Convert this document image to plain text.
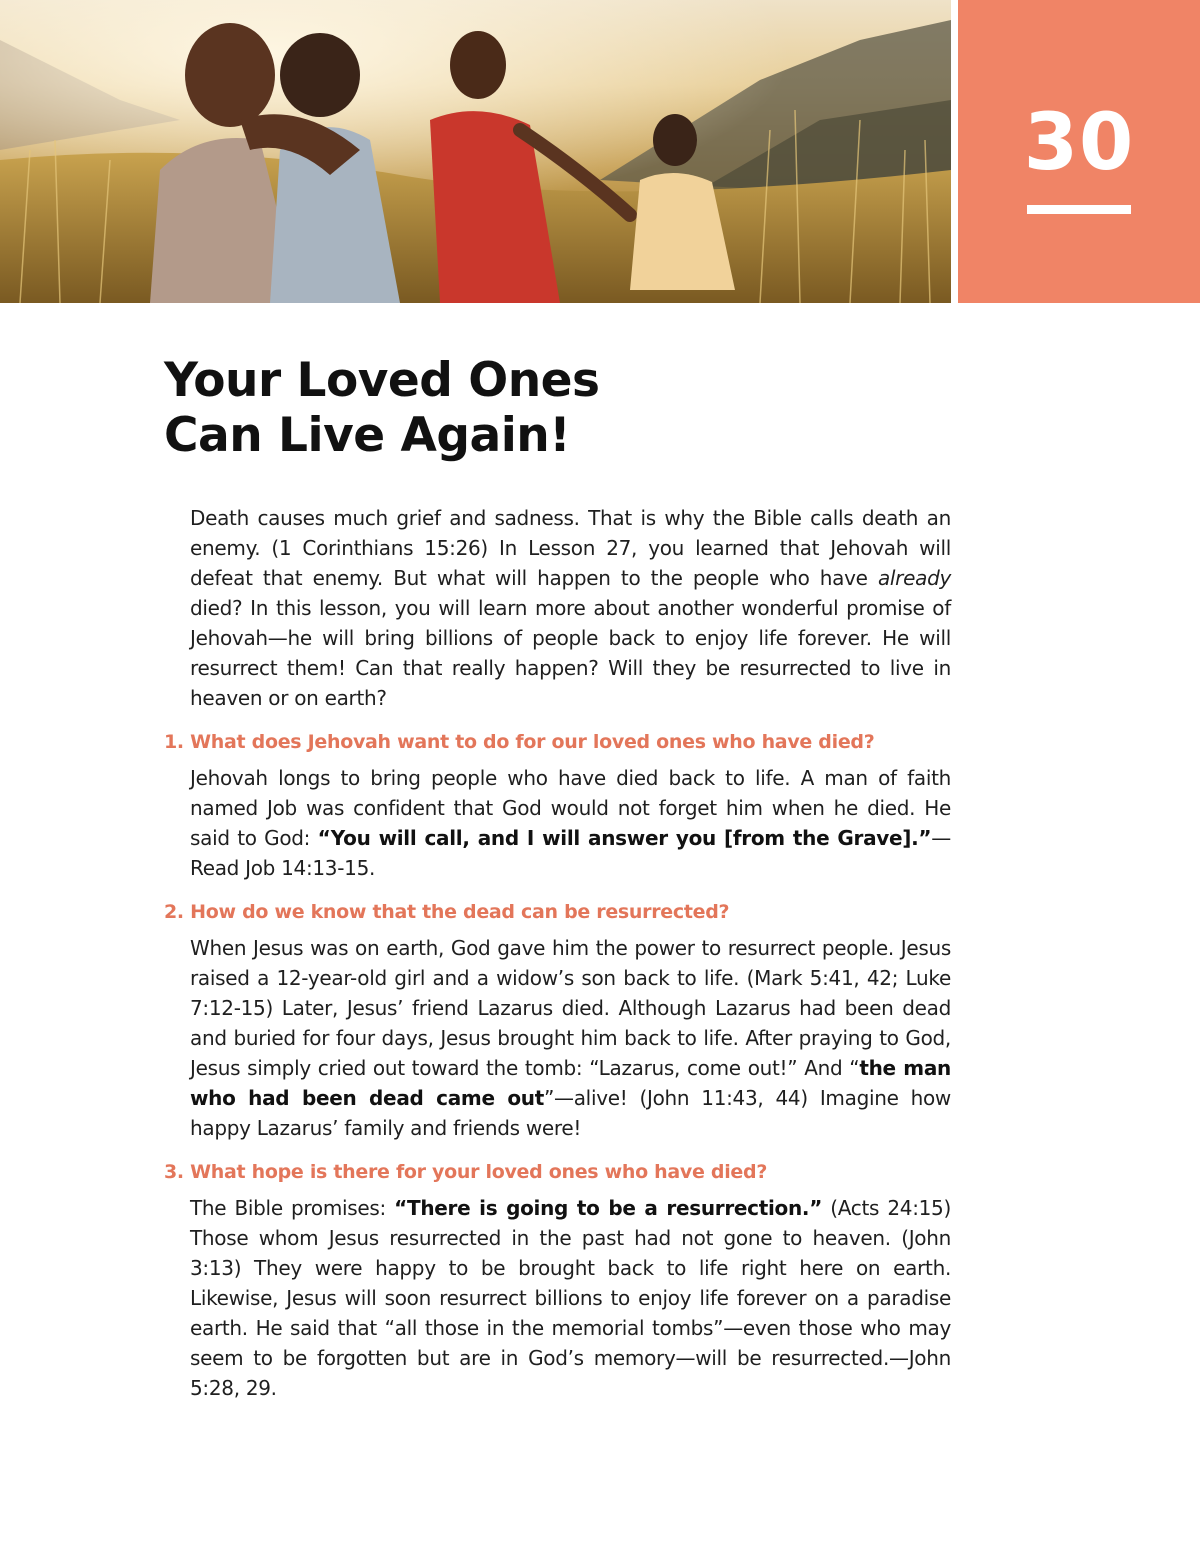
30
Your Loved Ones
Can Live Again!

Death causes much grief and sadness. That is why the Bible calls death an enemy. (1 Corinthians 15:26) In Lesson 27, you learned that Jehovah will defeat that enemy. But what will happen to the people who have already died? In this lesson, you will learn more about another wonderful promise of Jehovah—he will bring billions of people back to enjoy life forever. He will resurrect them! Can that really happen? Will they be resurrected to live in heaven or on earth?

1. What does Jehovah want to do for our loved ones who have died?

Jehovah longs to bring people who have died back to life. A man of faith named Job was confident that God would not forget him when he died. He said to God: “You will call, and I will answer you [from the Grave].”—Read Job 14:13-15.

2. How do we know that the dead can be resurrected?

When Jesus was on earth, God gave him the power to resurrect people. Jesus raised a 12-year-old girl and a widow’s son back to life. (Mark 5:41, 42; Luke 7:12-15) Later, Jesus’ friend Lazarus died. Although Lazarus had been dead and buried for four days, Jesus brought him back to life. After praying to God, Jesus simply cried out toward the tomb: “Lazarus, come out!” And “the man who had been dead came out”—alive! (John 11:43, 44) Imagine how happy Lazarus’ family and friends were!

3. What hope is there for your loved ones who have died?

The Bible promises: “There is going to be a resurrection.” (Acts 24:15) Those whom Jesus resurrected in the past had not gone to heaven. (John 3:13) They were happy to be brought back to life right here on earth. Likewise, Jesus will soon resurrect billions to enjoy life forever on a paradise earth. He said that “all those in the memorial tombs”—even those who may seem to be forgotten but are in God’s memory—will be resurrected.—John 5:28, 29.
